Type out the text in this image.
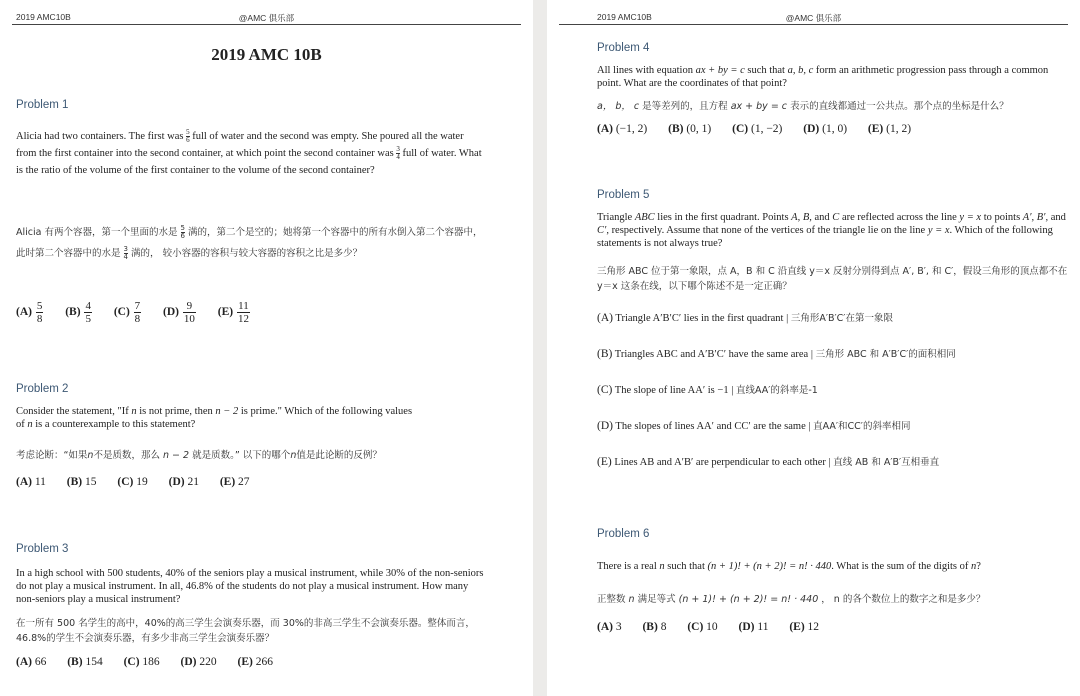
2019 AMC10B	@AMC 俱乐部
2019 AMC 10B
Problem 1
Alicia had two containers. The first was $\frac{5}{6}$ full of water and the second was empty. She poured all the water from the first container into the second container, at which point the second container was $\frac{3}{4}$ full of water. What is the ratio of the volume of the first container to the volume of the second container?
Alicia 有两个容器，第一个里面的水是 $\frac{5}{6}$ 满的，第二个是空的；她将第一个容器中的所有水倒入第二个容器中，此时第二个容器中的水是 $\frac{3}{4}$ 满的， 较小容器的容积与较大容器的容积之比是多少？
$(A) \frac{5}{8} (B) \frac{4}{5} (C) \frac{7}{8} (D) \frac{9}{10} (E) \frac{11}{12}$
Problem 2
Consider the statement, "If n is not prime, then n − 2 is prime." Which of the following values
of n is a counterexample to this statement?
考虑论断：“如果n不是质数，那么 n − 2 就是质数。” 以下的哪个n值是此论断的反例？
(A) 11 (B) 15 (C) 19 (D) 21 (E) 27
Problem 3
In a high school with 500 students, 40% of the seniors play a musical instrument, while 30% of the non-seniors do not play a musical instrument. In all, 46.8% of the students do not play a musical instrument. How many non-seniors play a musical instrument?
在一所有 500 名学生的高中，40%的高三学生会演奏乐器，而 30%的非高三学生不会演奏乐器。整体而言，46.8%的学生不会演奏乐器，有多少非高三学生会演奏乐器？
(A) 66 (B) 154 (C) 186 (D) 220 (E) 266
2019 AMC10B	@AMC 俱乐部
Problem 4
All lines with equation ax + by = c such that a, b, c form an arithmetic progression pass through a common point. What are the coordinates of that point?
a， b， c 是等差列的，且方程 ax + by = c 表示的直线都通过一公共点。那个点的坐标是什么？
(A) (−1, 2) (B) (0, 1) (C) (1, −2) (D) (1, 0) (E) (1, 2)
Problem 5
Triangle ABC lies in the first quadrant. Points A, B, and C are reflected across the line y = x to points A′, B′, and C′, respectively. Assume that none of the vertices of the triangle lie on the line y = x. Which of the following statements is not always true?
三角形 ABC 位于第一象限，点 A，B 和 C 沿直线 y＝x 反射分别得到点 A′, B′, 和 C′，假设三角形的顶点都不在 y＝x 这条在线，以下哪个陈述不是一定正确？
(A) Triangle A′B′C′ lies in the first quadrant | 三角形A′B′C′在第一象限
(B) Triangles ABC and A′B′C′ have the same area | 三角形 ABC 和 A′B′C′的面积相同
(C) The slope of line AA′ is −1 | 直线AA′的斜率是-1
(D) The slopes of lines AA′ and CC′ are the same | 直AA′和CC′的斜率相同
(E) Lines AB and A′B′ are perpendicular to each other | 直线 AB 和 A′B′互相垂直
Problem 6
There is a real n such that (n + 1)! + (n + 2)! = n! · 440. What is the sum of the digits of n?
正整数 n 满足等式 (n + 1)! + (n + 2)! = n! · 440 ， n 的各个数位上的数字之和是多少？
(A) 3 (B) 8 (C) 10 (D) 11 (E) 12
